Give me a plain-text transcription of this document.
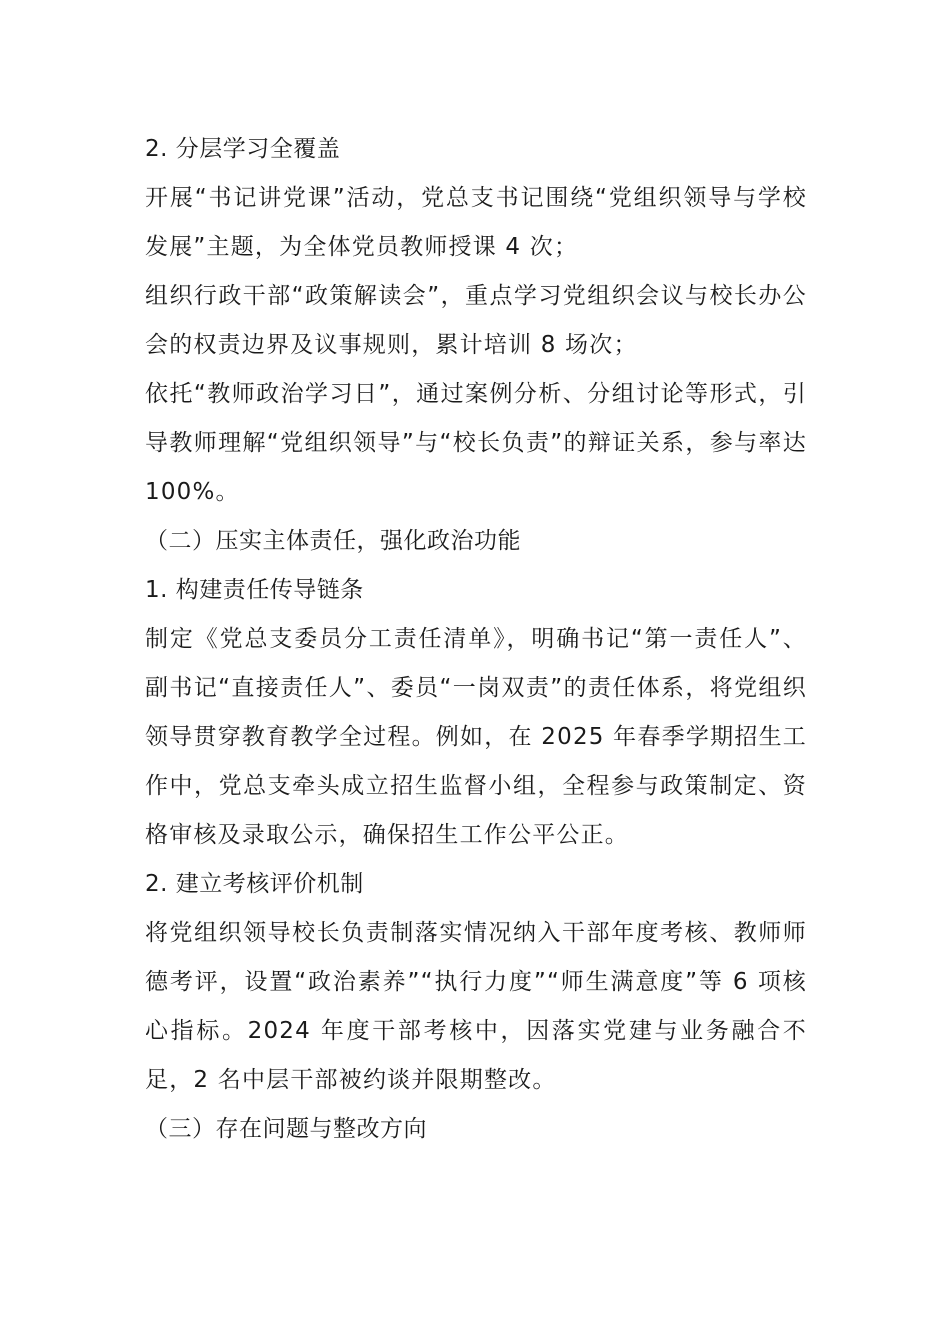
2. 分层学习全覆盖

开展“书记讲党课”活动，党总支书记围绕“党组织领导与学校发展”主题，为全体党员教师授课 4 次；

组织行政干部“政策解读会”，重点学习党组织会议与校长办公会的权责边界及议事规则，累计培训 8 场次；

依托“教师政治学习日”，通过案例分析、分组讨论等形式，引导教师理解“党组织领导”与“校长负责”的辩证关系，参与率达 100%。

（二）压实主体责任，强化政治功能

1. 构建责任传导链条

制定《党总支委员分工责任清单》，明确书记“第一责任人”、副书记“直接责任人”、委员“一岗双责”的责任体系，将党组织领导贯穿教育教学全过程。例如，在 2025 年春季学期招生工作中，党总支牵头成立招生监督小组，全程参与政策制定、资格审核及录取公示，确保招生工作公平公正。

2. 建立考核评价机制

将党组织领导校长负责制落实情况纳入干部年度考核、教师师德考评，设置“政治素养”“执行力度”“师生满意度”等 6 项核心指标。2024 年度干部考核中，因落实党建与业务融合不足，2 名中层干部被约谈并限期整改。

（三）存在问题与整改方向
